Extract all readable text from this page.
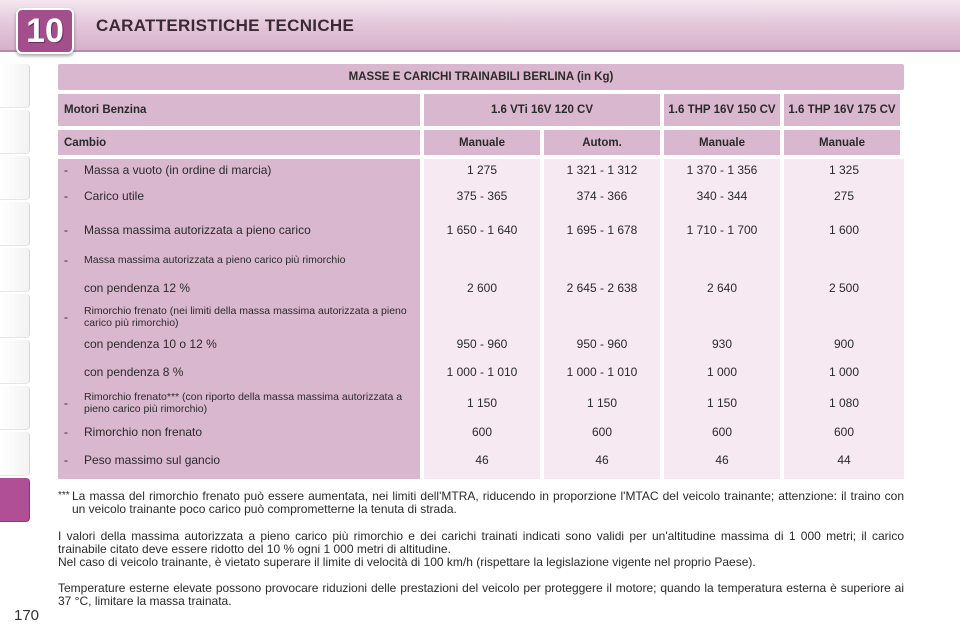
10	CARATTERISTICHE TECNICHE
MASSE E CARICHI TRAINABILI BERLINA (in Kg)
Motori Benzina	1.6 VTi 16V 120 CV	1.6 THP 16V 150 CV	1.6 THP 16V 175 CV
Cambio	Manuale	Autom.	Manuale	Manuale
-	Massa a vuoto (in ordine di marcia)	1 275	1 321 - 1 312	1 370 - 1 356	1 325
-	Carico utile	375 - 365	374 - 366	340 - 344	275
-	Massa massima autorizzata a pieno carico	1 650 - 1 640	1 695 - 1 678	1 710 - 1 700	1 600
-	Massa massima autorizzata a pieno carico più rimorchio
con pendenza 12 %	2 600	2 645 - 2 638	2 640	2 500
-	Rimorchio frenato (nei limiti della massa massima autorizzata a pieno carico più rimorchio)
con pendenza 10 o 12 %	950 - 960	950 - 960	930	900
con pendenza 8 %	1 000 - 1 010	1 000 - 1 010	1 000	1 000
-	Rimorchio frenato*** (con riporto della massa massima autorizzata a pieno carico più rimorchio)	1 150	1 150	1 150	1 080
-	Rimorchio non frenato	600	600	600	600
-	Peso massimo sul gancio	46	46	46	44
*** La massa del rimorchio frenato può essere aumentata, nei limiti dell'MTRA, riducendo in proporzione l'MTAC del veicolo trainante; attenzione: il traino con un veicolo trainante poco carico può comprometterne la tenuta di strada.
I valori della massima autorizzata a pieno carico più rimorchio e dei carichi trainati indicati sono validi per un'altitudine massima di 1 000 metri; il carico trainabile citato deve essere ridotto del 10 % ogni 1 000 metri di altitudine.
Nel caso di veicolo trainante, è vietato superare il limite di velocità di 100 km/h (rispettare la legislazione vigente nel proprio Paese).
Temperature esterne elevate possono provocare riduzioni delle prestazioni del veicolo per proteggere il motore; quando la temperatura esterna è superiore ai 37 °C, limitare la massa trainata.
170
